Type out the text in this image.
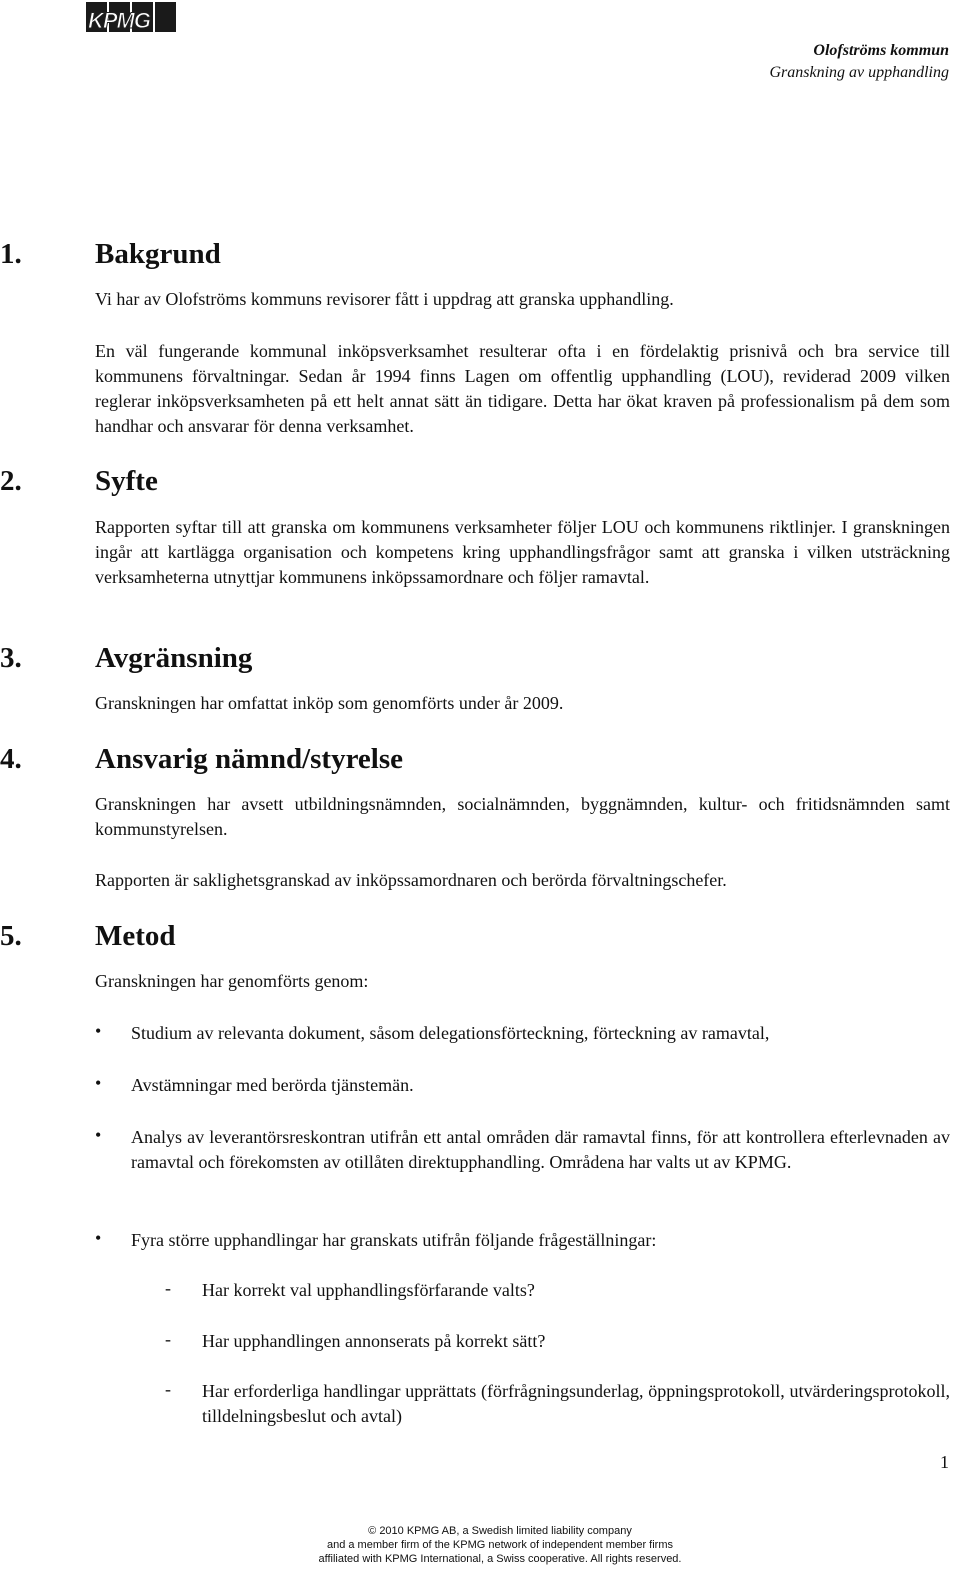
KPMG
Olofströms kommun
Granskning av upphandling
1.	Bakgrund
Vi har av Olofströms kommuns revisorer fått i uppdrag att granska upphandling.
En väl fungerande kommunal inköpsverksamhet resulterar ofta i en fördelaktig prisnivå och bra service till kommunens förvaltningar. Sedan år 1994 finns Lagen om offentlig upphandling (LOU), reviderad 2009 vilken reglerar inköpsverksamheten på ett helt annat sätt än tidigare. Detta har ökat kraven på professionalism på dem som handhar och ansvarar för denna verksamhet.
2.	Syfte
Rapporten syftar till att granska om kommunens verksamheter följer LOU och kommunens riktlinjer. I granskningen ingår att kartlägga organisation och kompetens kring upphandlingsfrågor samt att granska i vilken utsträckning verksamheterna utnyttjar kommunens inköpssamordnare och följer ramavtal.
3.	Avgränsning
Granskningen har omfattat inköp som genomförts under år 2009.
4.	Ansvarig nämnd/styrelse
Granskningen har avsett utbildningsnämnden, socialnämnden, byggnämnden, kultur- och fritidsnämnden samt kommunstyrelsen.
Rapporten är saklighetsgranskad av inköpssamordnaren och berörda förvaltningschefer.
5.	Metod
Granskningen har genomförts genom:
• Studium av relevanta dokument, såsom delegationsförteckning, förteckning av ramavtal,
• Avstämningar med berörda tjänstemän.
• Analys av leverantörsreskontran utifrån ett antal områden där ramavtal finns, för att kontrollera efterlevnaden av ramavtal och förekomsten av otillåten direktupphandling. Områdena har valts ut av KPMG.
• Fyra större upphandlingar har granskats utifrån följande frågeställningar:
- Har korrekt val upphandlingsförfarande valts?
- Har upphandlingen annonserats på korrekt sätt?
- Har erforderliga handlingar upprättats (förfrågningsunderlag, öppningsprotokoll, utvärderingsprotokoll, tilldelningsbeslut och avtal)
1
© 2010 KPMG AB, a Swedish limited liability company
and a member firm of the KPMG network of independent member firms
affiliated with KPMG International, a Swiss cooperative. All rights reserved.
